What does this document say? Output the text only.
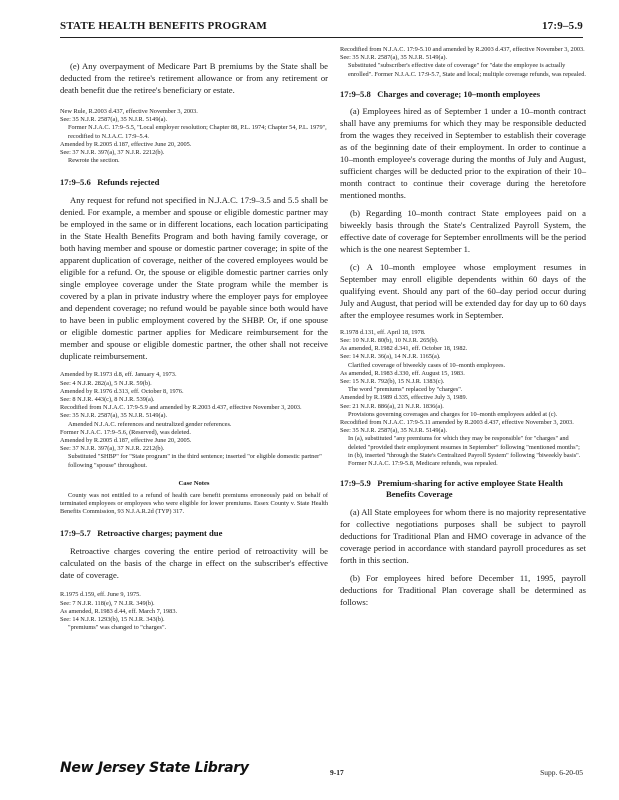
STATE HEALTH BENEFITS PROGRAM	17:9–5.9

(e) Any overpayment of Medicare Part B premiums by the State shall be deducted from the retiree's retirement allowance or from any retirement or death benefit due the retiree's beneficiary or estate.

New Rule, R.2003 d.437, effective November 3, 2003.

See: 35 N.J.R. 2587(a), 35 N.J.R. 5149(a).

Former N.J.A.C. 17:9–5.5, "Local employer resolution; Chapter 88, P.L. 1974; Chapter 54, P.L. 1979", recodified to N.J.A.C. 17:9–5.4.

Amended by R.2005 d.187, effective June 20, 2005.

See: 37 N.J.R. 397(a), 37 N.J.R. 2212(b).

Rewrote the section.

17:9–5.6 Refunds rejected

Any request for refund not specified in N.J.A.C. 17:9–3.5 and 5.5 shall be denied. For example, a member and spouse or eligible domestic partner may be employed in the same or in different locations, each location participating in the State Health Benefits Program and both having family coverage, or both having member and spouse or domestic partner coverage; in spite of the apparent duplication of coverage, neither of the covered employees would be eligible for a refund. Or, the spouse or eligible domestic partner carries only single employee coverage under the State program while the member is covered by a plan in private industry where the employer pays for employee and dependent coverage; no refund would be payable since both would have to have been in public employment covered by the SHBP. Or, if one spouse or eligible domestic partner applies for Medicare reimbursement for the member and spouse or eligible domestic partner, the other shall not receive duplicate reimbursement.

Amended by R.1973 d.8, eff. January 4, 1973.

See: 4 N.J.R. 282(a), 5 N.J.R. 59(b).

Amended by R.1976 d.313, eff. October 8, 1976.

See: 8 N.J.R. 443(c), 8 N.J.R. 539(a).

Recodified from N.J.A.C. 17:9-5.9 and amended by R.2003 d.437, effective November 3, 2003.

See: 35 N.J.R. 2587(a), 35 N.J.R. 5149(a).

Amended N.J.A.C. references and neutralized gender references.

Former N.J.A.C. 17:9–5.6, (Reserved), was deleted.

Amended by R.2005 d.187, effective June 20, 2005.

See: 37 N.J.R. 397(a), 37 N.J.R. 2212(b).

Substituted "SHBP" for "State program" in the third sentence; inserted "or eligible domestic partner" following "spouse" throughout.

Case Notes

County was not entitled to a refund of health care benefit premiums erroneously paid on behalf of terminated employees or employees who were eligible for lower premiums. Essex County v. State Health Benefits Commission, 93 N.J.A.R.2d (TYP) 317.

17:9–5.7 Retroactive charges; payment due

Retroactive charges covering the entire period of retroactivity will be calculated on the basis of the charge in effect on the subscriber's effective date of coverage.

R.1975 d.159, eff. June 9, 1975.

See: 7 N.J.R. 118(e), 7 N.J.R. 349(b).

As amended, R.1983 d.44, eff. March 7, 1983.

See: 14 N.J.R. 1293(b), 15 N.J.R. 343(b).

"premiums" was changed to "charges".

Recodified from N.J.A.C. 17:9-5.10 and amended by R.2003 d.437, effective November 3, 2003.

See: 35 N.J.R. 2587(a), 35 N.J.R. 5149(a).

Substituted "subscriber's effective date of coverage" for "date the employee is actually enrolled". Former N.J.A.C. 17:9-5.7, State and local; multiple coverage refunds, was repealed.

17:9–5.8 Charges and coverage; 10–month employees

(a) Employees hired as of September 1 under a 10–month contract shall have any premiums for which they may be responsible deducted from the wages they received in September to establish their coverage as of the beginning date of their employment. In order to continue a 10–month employee's coverage during the months of July and August, sufficient charges will be deducted prior to the expiration of their 10–month contract to continue their coverage during the heretofore mentioned months.

(b) Regarding 10–month contract State employees paid on a biweekly basis through the State's Centralized Payroll System, the effective date of coverage for September enrollments will be the period which is the one nearest September 1.

(c) A 10–month employee whose employment resumes in September may enroll eligible dependents within 60 days of the qualifying event. Should any part of the 60–day period occur during July and August, that period will be extended day for day up to 60 days after the employee resumes work in September.

R.1978 d.131, eff. April 18, 1978.

See: 10 N.J.R. 80(b), 10 N.J.R. 265(b).

As amended, R.1982 d.341, eff. October 18, 1982.

See: 14 N.J.R. 36(a), 14 N.J.R. 1165(a).

Clarified coverage of biweekly cases of 10–month employees.

As amended, R.1983 d.330, eff. August 15, 1983.

See: 15 N.J.R. 792(b), 15 N.J.R. 1383(c).

The word "premiums" replaced by "charges".

Amended by R.1989 d.335, effective July 3, 1989.

See: 21 N.J.R. 886(a), 21 N.J.R. 1836(a).

Provisions governing coverages and charges for 10–month employees added at (c).

Recodified from N.J.A.C. 17:9-5.11 amended by R.2003 d.437, effective November 3, 2003.

See: 35 N.J.R. 2587(a), 35 N.J.R. 5149(a).

In (a), substituted "any premiums for which they may be responsible" for "charges" and deleted "provided their employment resumes in September" following "mentioned months"; in (b), inserted "through the State's Centralized Payroll System" following "biweekly basis". Former N.J.A.C. 17:9-5.8, Medicare refunds, was repealed.

17:9–5.9 Premium-sharing for active employee State Health Benefits Coverage

(a) All State employees for whom there is no majority representative for collective negotiations purposes shall be subject to payroll deductions for Traditional Plan and HMO coverage in advance of the coverage period in accordance with standard payroll procedures as set forth in this section.

(b) For employees hired before December 11, 1995, payroll deductions for Traditional Plan coverage shall be determined as follows:

New Jersey State Library	9-17	Supp. 6-20-05
